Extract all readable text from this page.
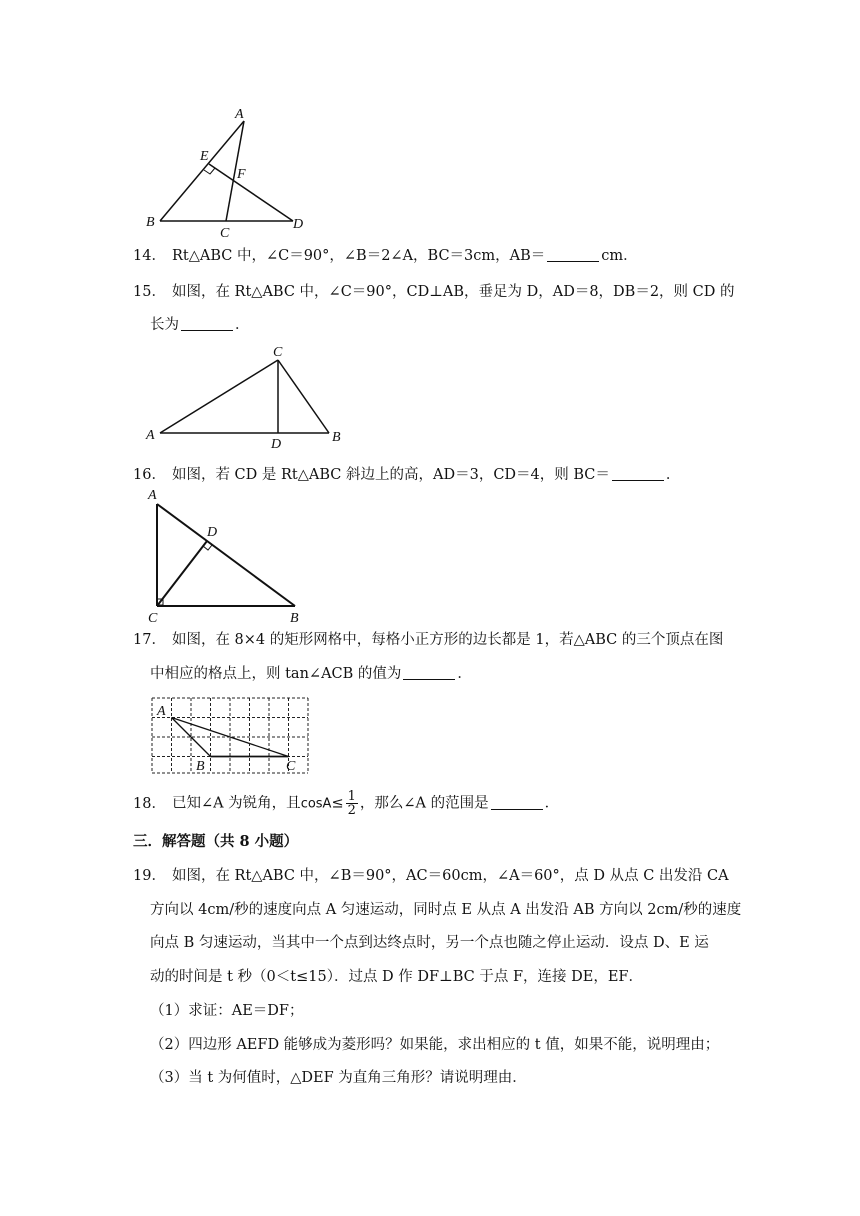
A
E
F
B
C
D
14． Rt△ABC 中，∠C＝90°，∠B＝2∠A，BC＝3cm，AB＝	cm．
15． 如图，在 Rt△ABC 中，∠C＝90°，CD⊥AB，垂足为 D，AD＝8，DB＝2，则 CD 的
长为	．
C
A
D	B
16． 如图，若 CD 是 Rt△ABC 斜边上的高，AD＝3，CD＝4，则 BC＝	．
A
D
C	B
17． 如图，在 8×4 的矩形网格中，每格小正方形的边长都是 1，若△ABC 的三个顶点在图
中相应的格点上，则 tan∠ACB 的值为	．
A
B	C
18． 已知∠A 为锐角，且$\cos A\le \frac{1}{2}$ ，那么∠A 的范围是	．
三．解答题（共 8 小题）
19． 如图，在 Rt△ABC 中，∠B＝90°，AC＝60cm，∠A＝60°，点 D 从点 C 出发沿 CA
方向以 4cm/秒的速度向点 A 匀速运动，同时点 E 从点 A 出发沿 AB 方向以 2cm/秒的速度
向点 B 匀速运动，当其中一个点到达终点时，另一个点也随之停止运动．设点 D、E 运
动的时间是 t 秒（0＜t≤15）．过点 D 作 DF⊥BC 于点 F，连接 DE，EF．
（1）求证：AE＝DF；
（2）四边形 AEFD 能够成为菱形吗？如果能，求出相应的 t 值，如果不能，说明理由；
（3）当 t 为何值时，△DEF 为直角三角形？请说明理由．
